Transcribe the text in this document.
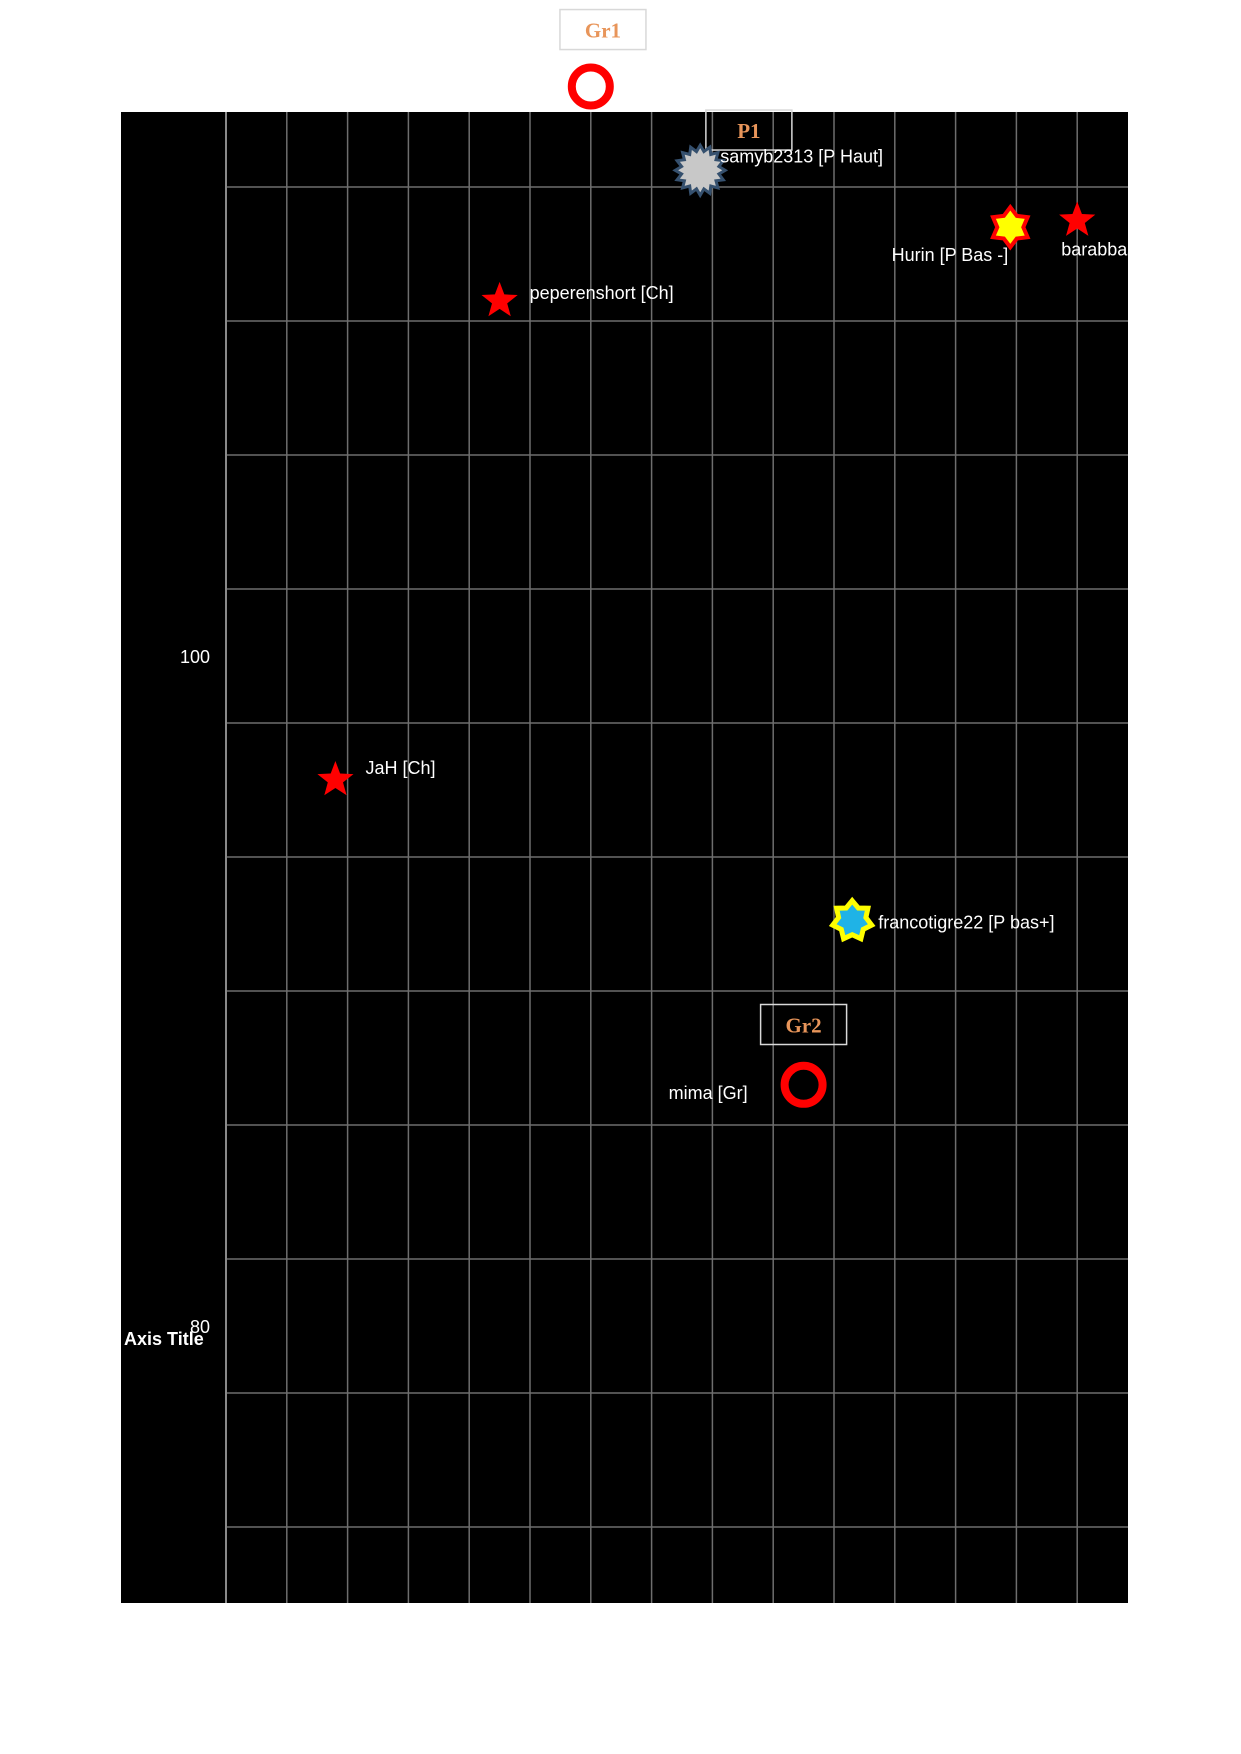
80
100
Axis Title
Gr1
P1
Gr2
kashim [Gr]
samyb2313 [P Haut]
Hurin [P Bas -]	barabbas [C
peperenshort [Ch]
JaH [Ch]
francotigre22 [P bas+]
mima [Gr]
